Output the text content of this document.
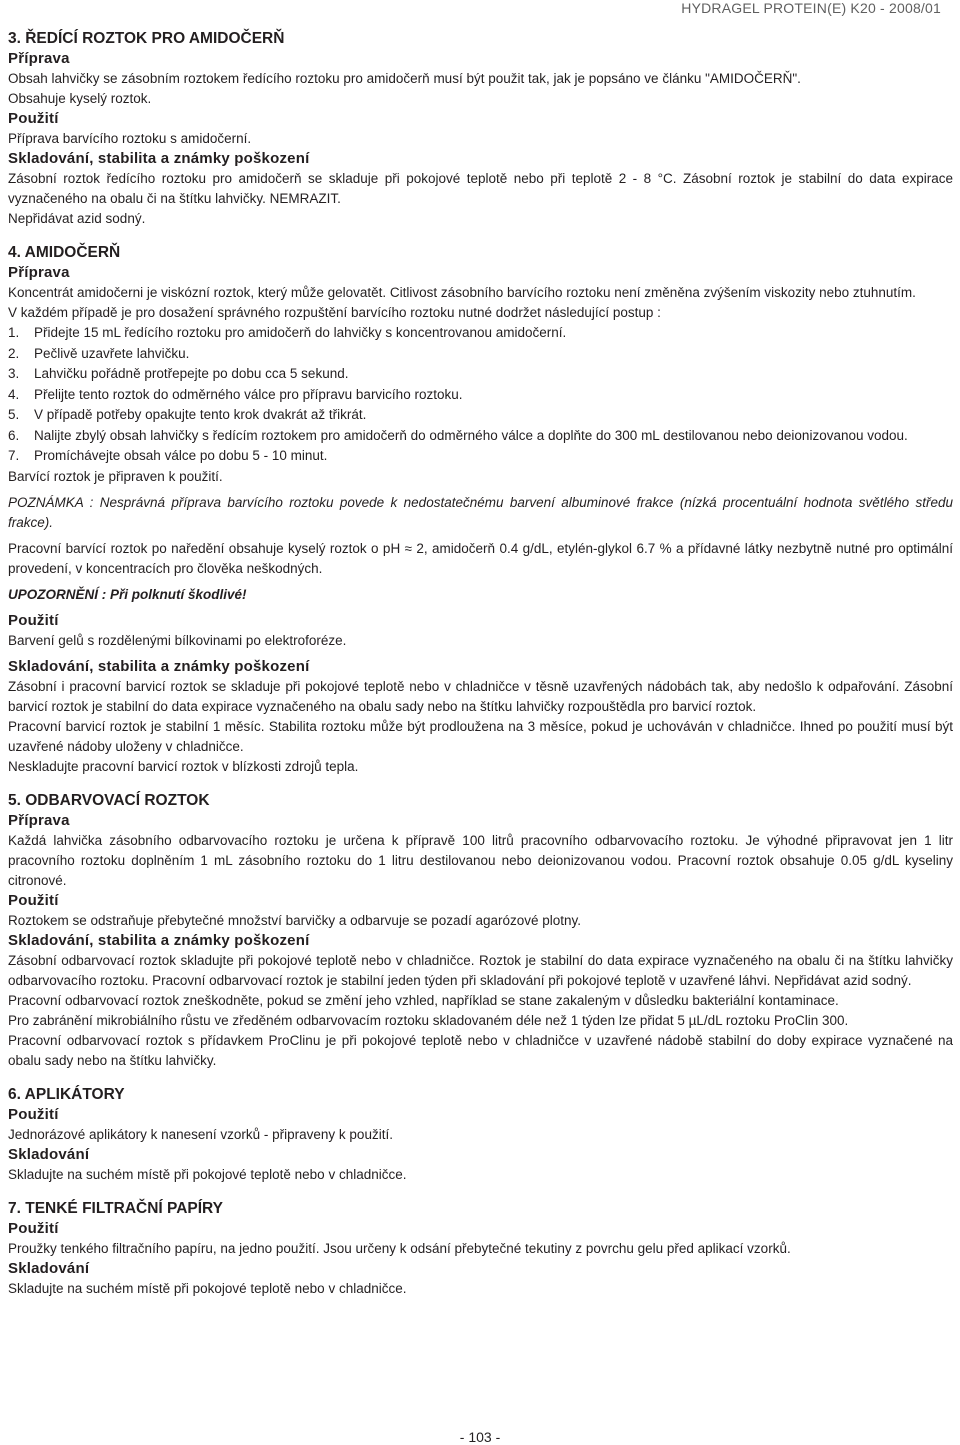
HYDRAGEL PROTEIN(E) K20 - 2008/01
3. ŘEDÍCÍ ROZTOK PRO AMIDOČERŇ
Příprava

Obsah lahvičky se zásobním roztokem ředícího roztoku pro amidočerň musí být použit tak, jak je popsáno ve článku "AMIDOČERŇ".

Obsahuje kyselý roztok.

Použití

Příprava barvícího roztoku s amidočerní.

Skladování, stabilita a známky poškození

Zásobní roztok ředícího roztoku pro amidočerň se skladuje při pokojové teplotě nebo při teplotě 2 - 8 °C. Zásobní roztok je stabilní do data expirace vyznačeného na obalu či na štítku lahvičky. NEMRAZIT.

Nepřidávat azid sodný.

4. AMIDOČERŇ
Příprava

Koncentrát amidočerni je viskózní roztok, který může gelovatět. Citlivost zásobního barvícího roztoku není změněna zvýšením viskozity nebo ztuhnutím.

V každém případě je pro dosažení správného rozpuštění barvícího roztoku nutné dodržet následující postup :

1.	Přidejte 15 mL ředícího roztoku pro amidočerň do lahvičky s koncentrovanou amidočerní.
2.	Pečlivě uzavřete lahvičku.
3.	Lahvičku pořádně protřepejte po dobu cca 5 sekund.
4.	Přelijte tento roztok do odměrného válce pro přípravu barvicího roztoku.
5.	V případě potřeby opakujte tento krok dvakrát až třikrát.
6.	Nalijte zbylý obsah lahvičky s ředícím roztokem pro amidočerň do odměrného válce a doplňte do 300 mL destilovanou nebo deionizovanou vodou.
7.	Promíchávejte obsah válce po dobu 5 - 10 minut.

Barvící roztok je připraven k použití.

POZNÁMKA : Nesprávná příprava barvícího roztoku povede k nedostatečnému barvení albuminové frakce (nízká procentuální hodnota světlého středu frakce).

Pracovní barvící roztok po naředění obsahuje kyselý roztok o pH ≈ 2, amidočerň 0.4 g/dL, etylén-glykol 6.7 % a přídavné látky nezbytně nutné pro optimální provedení, v koncentracích pro člověka neškodných.

UPOZORNĚNÍ : Při polknutí škodlivé!

Použití

Barvení gelů s rozdělenými bílkovinami po elektroforéze.

Skladování, stabilita a známky poškození

Zásobní i pracovní barvicí roztok se skladuje při pokojové teplotě nebo v chladničce v těsně uzavřených nádobách tak, aby nedošlo k odpařování. Zásobní barvicí roztok je stabilní do data expirace vyznačeného na obalu sady nebo na štítku lahvičky rozpouštědla pro barvicí roztok.

Pracovní barvicí roztok je stabilní 1 měsíc. Stabilita roztoku může být prodloužena na 3 měsíce, pokud je uchováván v chladničce. Ihned po použití musí být uzavřené nádoby uloženy v chladničce.

Neskladujte pracovní barvicí roztok v blízkosti zdrojů tepla.

5. ODBARVOVACÍ ROZTOK
Příprava

Každá lahvička zásobního odbarvovacího roztoku je určena k přípravě 100 litrů pracovního odbarvovacího roztoku. Je výhodné připravovat jen 1 litr pracovního roztoku doplněním 1 mL zásobního roztoku do 1 litru destilovanou nebo deionizovanou vodou. Pracovní roztok obsahuje 0.05 g/dL kyseliny citronové.

Použití

Roztokem se odstraňuje přebytečné množství barvičky a odbarvuje se pozadí agarózové plotny.

Skladování, stabilita a známky poškození

Zásobní odbarvovací roztok skladujte při pokojové teplotě nebo v chladničce. Roztok je stabilní do data expirace vyznačeného na obalu či na štítku lahvičky odbarvovacího roztoku. Pracovní odbarvovací roztok je stabilní jeden týden při skladování při pokojové teplotě v uzavřené láhvi. Nepřidávat azid sodný.

Pracovní odbarvovací roztok zneškodněte, pokud se změní jeho vzhled, například se stane zakaleným v důsledku bakteriální kontaminace.

Pro zabránění mikrobiálního růstu ve zředěném odbarvovacím roztoku skladovaném déle než 1 týden lze přidat 5 µL/dL roztoku ProClin 300.

Pracovní odbarvovací roztok s přídavkem ProClinu je při pokojové teplotě nebo v chladničce v uzavřené nádobě stabilní do doby expirace vyznačené na obalu sady nebo na štítku lahvičky.

6. APLIKÁTORY
Použití

Jednorázové aplikátory k nanesení vzorků - připraveny k použití.

Skladování

Skladujte na suchém místě při pokojové teplotě nebo v chladničce.

7. TENKÉ FILTRAČNÍ PAPÍRY
Použití

Proužky tenkého filtračního papíru, na jedno použití. Jsou určeny k odsání přebytečné tekutiny z povrchu gelu před aplikací vzorků.

Skladování

Skladujte na suchém místě při pokojové teplotě nebo v chladničce.

- 103 -
